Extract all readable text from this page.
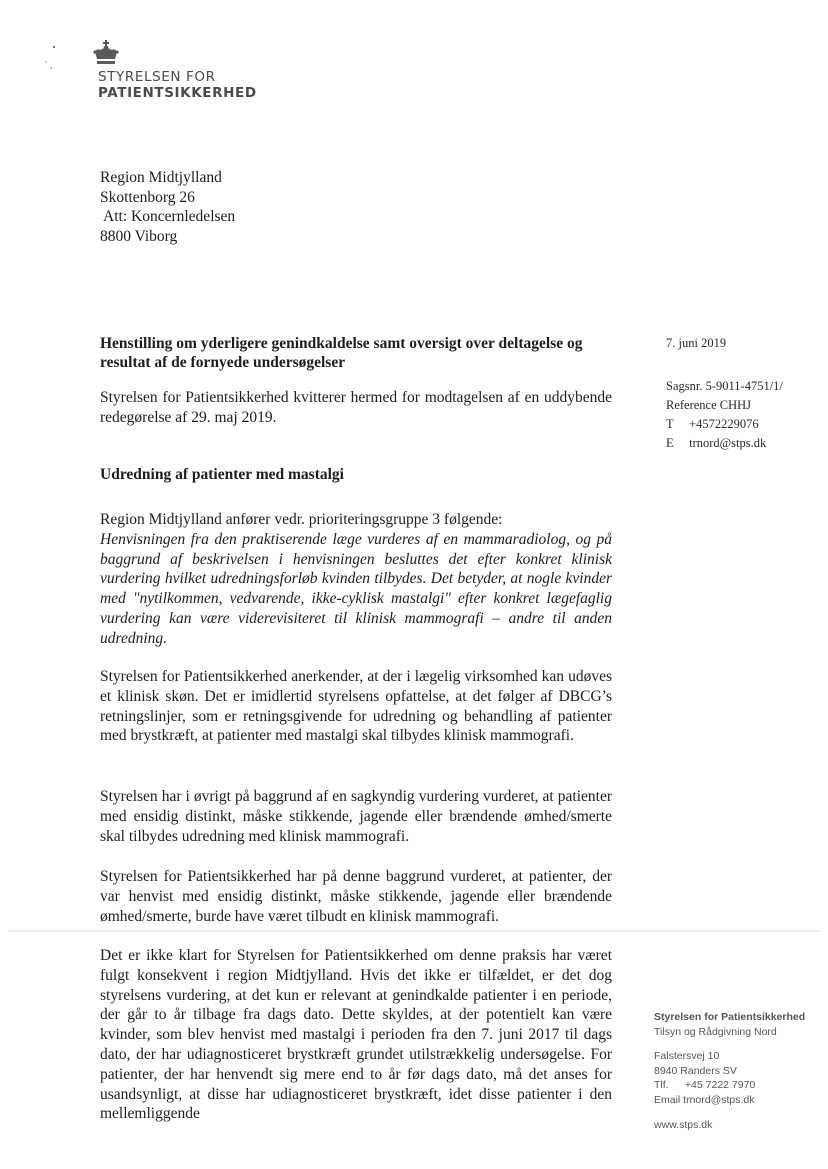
STYRELSEN FOR
PATIENTSIKKERHED
Region Midtjylland
Skottenborg 26
Att: Koncernledelsen
8800 Viborg
Henstilling om yderligere genindkaldelse samt oversigt over deltagelse og resultat af de fornyede undersøgelser
7. juni 2019
Sagsnr. 5-9011-4751/1/
Reference CHHJ
T +4572229076
E trnord@stps.dk
Styrelsen for Patientsikkerhed kvitterer hermed for modtagelsen af en uddybende redegørelse af 29. maj 2019.
Udredning af patienter med mastalgi
Region Midtjylland anfører vedr. prioriteringsgruppe 3 følgende:
Henvisningen fra den praktiserende læge vurderes af en mammaradiolog, og på baggrund af beskrivelsen i henvisningen besluttes det efter konkret klinisk vurdering hvilket udredningsforløb kvinden tilbydes. Det betyder, at nogle kvinder med "nytilkommen, vedvarende, ikke-cyklisk mastalgi" efter konkret lægefaglig vurdering kan være viderevisiteret til klinisk mammografi – andre til anden udredning.
Styrelsen for Patientsikkerhed anerkender, at der i lægelig virksomhed kan udøves et klinisk skøn. Det er imidlertid styrelsens opfattelse, at det følger af DBCG’s retningslinjer, som er retningsgivende for udredning og behandling af patienter med brystkræft, at patienter med mastalgi skal tilbydes klinisk mammografi.
Styrelsen har i øvrigt på baggrund af en sagkyndig vurdering vurderet, at patienter med ensidig distinkt, måske stikkende, jagende eller brændende ømhed/smerte skal tilbydes udredning med klinisk mammografi.
Styrelsen for Patientsikkerhed har på denne baggrund vurderet, at patienter, der var henvist med ensidig distinkt, måske stikkende, jagende eller brændende ømhed/smerte, burde have været tilbudt en klinisk mammografi.
Det er ikke klart for Styrelsen for Patientsikkerhed om denne praksis har været fulgt konsekvent i region Midtjylland. Hvis det ikke er tilfældet, er det dog styrelsens vurdering, at det kun er relevant at genindkalde patienter i en periode, der går to år tilbage fra dags dato. Dette skyldes, at der potentielt kan være kvinder, som blev henvist med mastalgi i perioden fra den 7. juni 2017 til dags dato, der har udiagnosticeret brystkræft grundet utilstrækkelig undersøgelse. For patienter, der har henvendt sig mere end to år før dags dato, må det anses for usandsynligt, at disse har udiagnosticeret brystkræft, idet disse patienter i den mellemliggende
Styrelsen for Patientsikkerhed
Tilsyn og Rådgivning Nord
Falstersvej 10
8940 Randers SV
Tlf. +45 7222 7970
Email trnord@stps.dk
www.stps.dk
